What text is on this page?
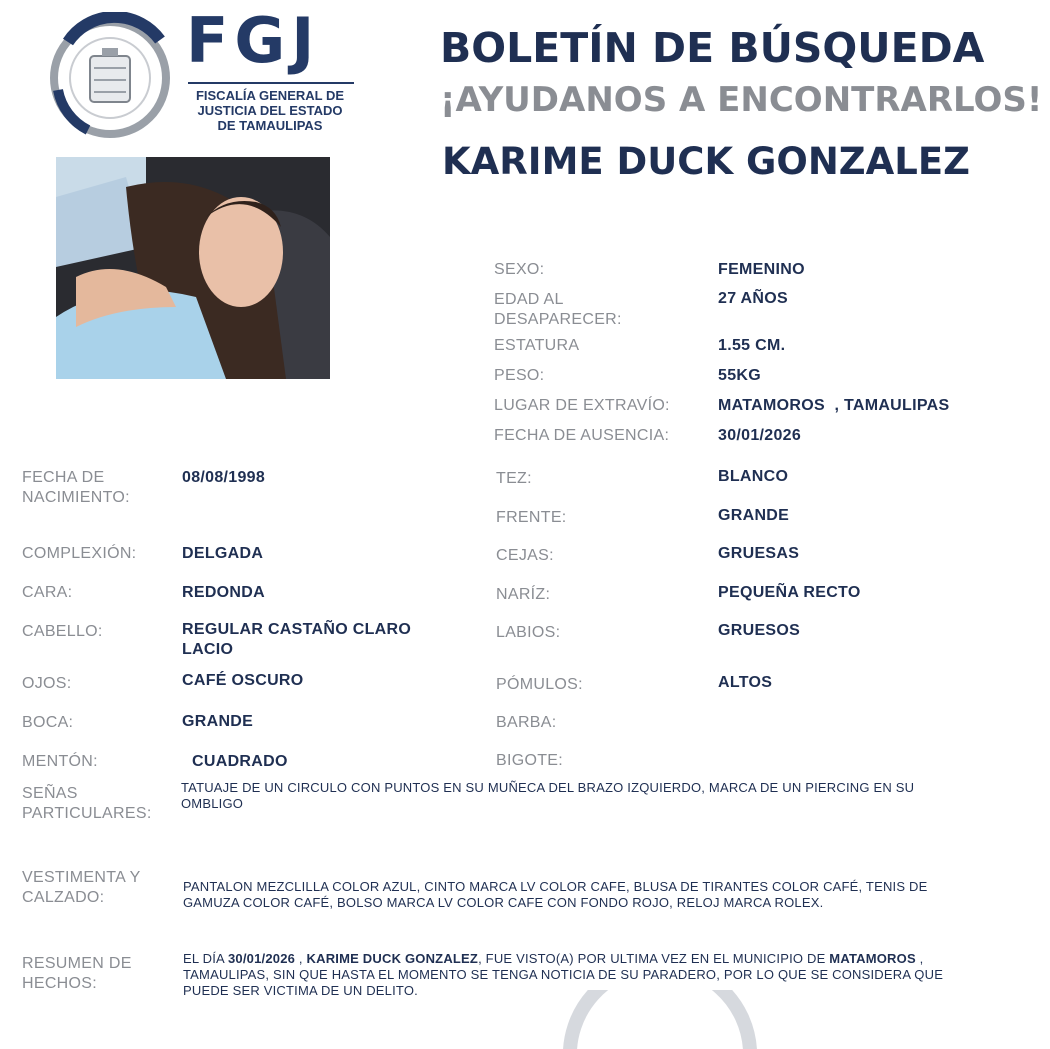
FGJ
FISCALÍA GENERAL DE
JUSTICIA DEL ESTADO
DE TAMAULIPAS
BOLETÍN DE BÚSQUEDA
¡AYUDANOS A ENCONTRARLOS!
KARIME DUCK GONZALEZ
SEXO:	FEMENINO
EDAD AL
DESAPARECER:
27 AÑOS
ESTATURA	1.55 CM.
PESO:	55KG
LUGAR DE EXTRAVÍO:	MATAMOROS  , TAMAULIPAS
FECHA DE AUSENCIA:	30/01/2026
FECHA DE
NACIMIENTO:
08/08/1998
COMPLEXIÓN:	DELGADA
CARA:	REDONDA
CABELLO:	REGULAR CASTAÑO CLARO
LACIO
OJOS:	CAFÉ OSCURO
BOCA:	GRANDE
MENTÓN:	CUADRADO
TEZ:	BLANCO
FRENTE:	GRANDE
CEJAS:	GRUESAS
NARÍZ:	PEQUEÑA RECTO
LABIOS:	GRUESOS
PÓMULOS:	ALTOS
BARBA:
BIGOTE:
SEÑAS
PARTICULARES:
TATUAJE DE UN CIRCULO CON PUNTOS EN SU MUÑECA DEL BRAZO IZQUIERDO, MARCA DE UN PIERCING EN SU
OMBLIGO
VESTIMENTA Y
CALZADO:
PANTALON MEZCLILLA COLOR AZUL, CINTO MARCA LV COLOR CAFE, BLUSA DE TIRANTES COLOR CAFÉ, TENIS DE
GAMUZA COLOR CAFÉ, BOLSO MARCA LV COLOR CAFE CON FONDO ROJO, RELOJ MARCA ROLEX.
RESUMEN DE
HECHOS:
EL DÍA 30/01/2026 , KARIME DUCK GONZALEZ, FUE VISTO(A) POR ULTIMA VEZ EN EL MUNICIPIO DE MATAMOROS ,
TAMAULIPAS, SIN QUE HASTA EL MOMENTO SE TENGA NOTICIA DE SU PARADERO, POR LO QUE SE CONSIDERA QUE
PUEDE SER VICTIMA DE UN DELITO.
